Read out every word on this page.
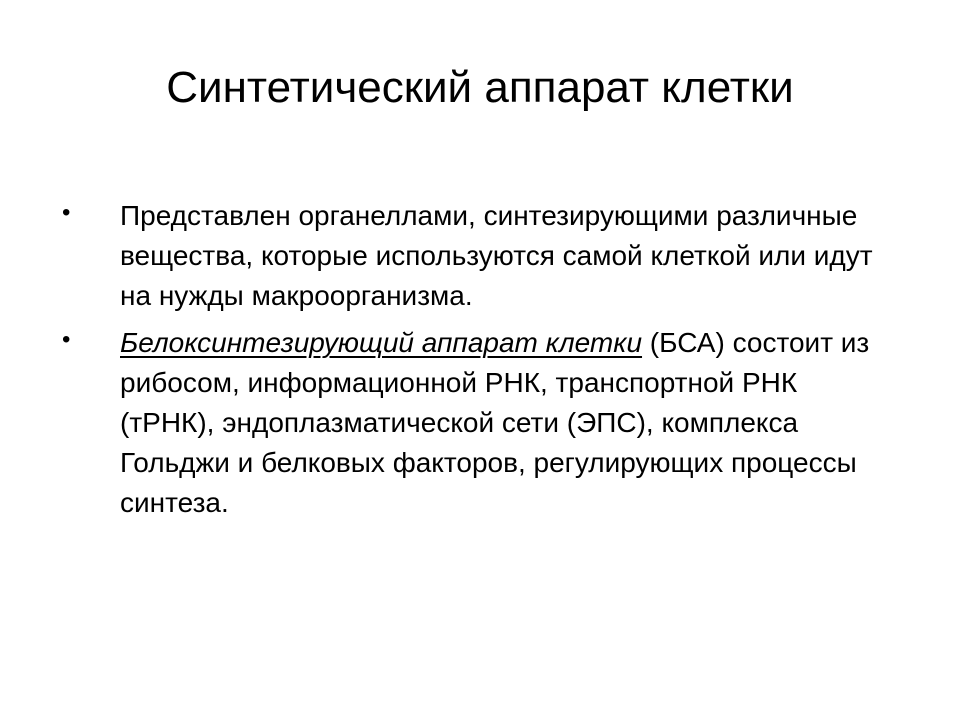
Синтетический аппарат клетки
•	Представлен органеллами, синтезирующими различные вещества, которые используются самой клеткой или идут на нужды макроорганизма.
•	Белоксинтезирующий аппарат клетки (БСА) состоит из рибосом, информационной РНК, транспортной РНК (тРНК), эндоплазматической сети (ЭПС), комплекса Гольджи и белковых факторов, регулирующих процессы синтеза.
